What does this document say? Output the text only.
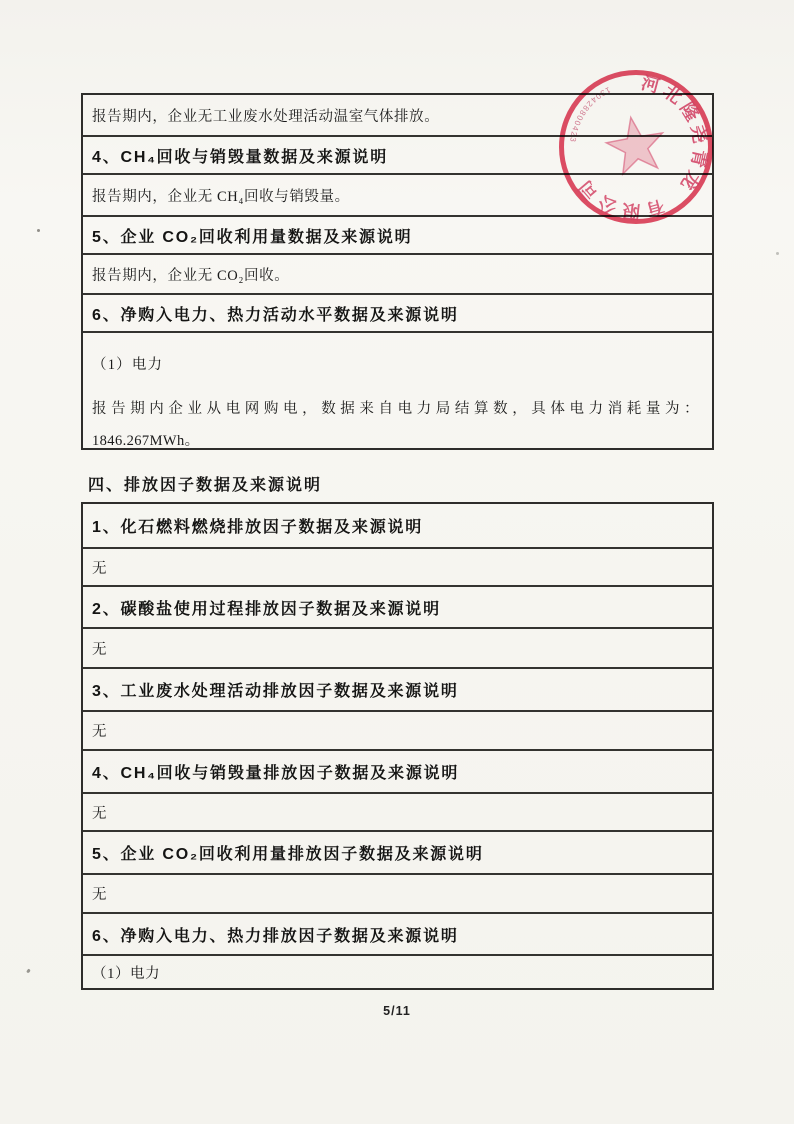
报告期内，企业无工业废水处理活动温室气体排放。
4、CH₄回收与销毁量数据及来源说明
报告期内，企业无 CH₄回收与销毁量。
5、企业 CO₂回收利用量数据及来源说明
报告期内，企业无 CO₂回收。
6、净购入电力、热力活动水平数据及来源说明
（1）电力
报告期内企业从电网购电，数据来自电力局结算数，具体电力消耗量为：
1846.267MWh。
四、排放因子数据及来源说明
1、化石燃料燃烧排放因子数据及来源说明
无
2、碳酸盐使用过程排放因子数据及来源说明
无
3、工业废水处理活动排放因子数据及来源说明
无
4、CH₄回收与销毁量排放因子数据及来源说明
无
5、企业 CO₂回收利用量排放因子数据及来源说明
无
6、净购入电力、热力排放因子数据及来源说明
（1）电力
河北隆尧青龙
有限公司
130428800423
5/11
